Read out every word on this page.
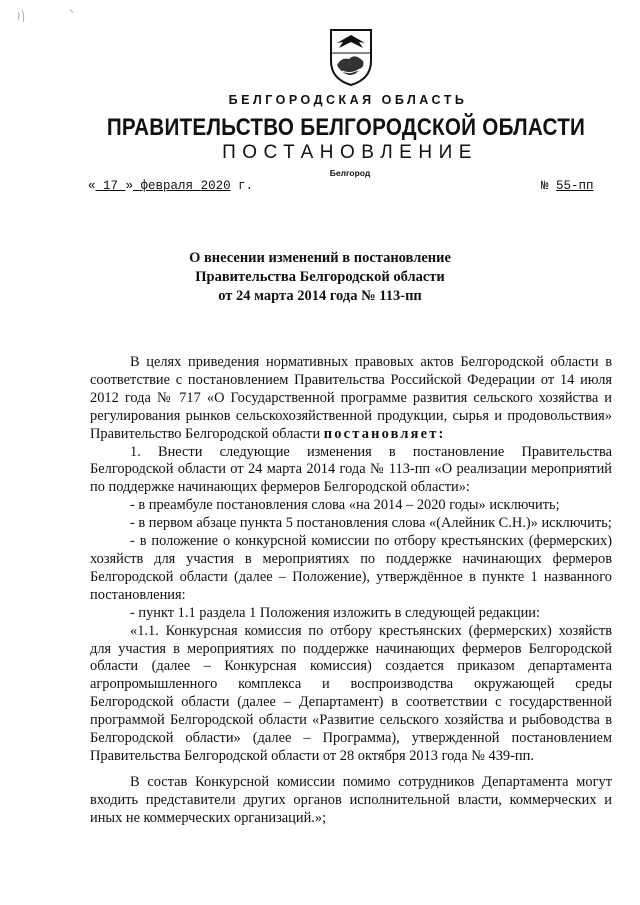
БЕЛГОРОДСКАЯ ОБЛАСТЬ
ПРАВИТЕЛЬСТВО БЕЛГОРОДСКОЙ ОБЛАСТИ
ПОСТАНОВЛЕНИЕ
Белгород
« 17 » февраля 2020 г.	№ 55-пп
О внесении изменений в постановление
Правительства Белгородской области
от 24 марта 2014 года № 113-пп

В целях приведения нормативных правовых актов Белгородской области в соответствие с постановлением Правительства Российской Федерации от 14 июля 2012 года № 717 «О Государственной программе развития сельского хозяйства и регулирования рынков сельскохозяйственной продукции, сырья и продовольствия» Правительство Белгородской области постановляет:

1. Внести следующие изменения в постановление Правительства Белгородской области от 24 марта 2014 года № 113-пп «О реализации мероприятий по поддержке начинающих фермеров Белгородской области»:

- в преамбуле постановления слова «на 2014 – 2020 годы» исключить;

- в первом абзаце пункта 5 постановления слова «(Алейник С.Н.)» исключить;

- в положение о конкурсной комиссии по отбору крестьянских (фермерских) хозяйств для участия в мероприятиях по поддержке начинающих фермеров Белгородской области (далее – Положение), утверждённое в пункте 1 названного постановления:

- пункт 1.1 раздела 1 Положения изложить в следующей редакции:

«1.1. Конкурсная комиссия по отбору крестьянских (фермерских) хозяйств для участия в мероприятиях по поддержке начинающих фермеров Белгородской области (далее – Конкурсная комиссия) создается приказом департамента агропромышленного комплекса и воспроизводства окружающей среды Белгородской области (далее – Департамент) в соответствии с государственной программой Белгородской области «Развитие сельского хозяйства и рыбоводства в Белгородской области» (далее – Программа), утвержденной постановлением Правительства Белгородской области от 28 октября 2013 года № 439-пп.

В состав Конкурсной комиссии помимо сотрудников Департамента могут входить представители других органов исполнительной власти, коммерческих и иных не коммерческих организаций.»;
